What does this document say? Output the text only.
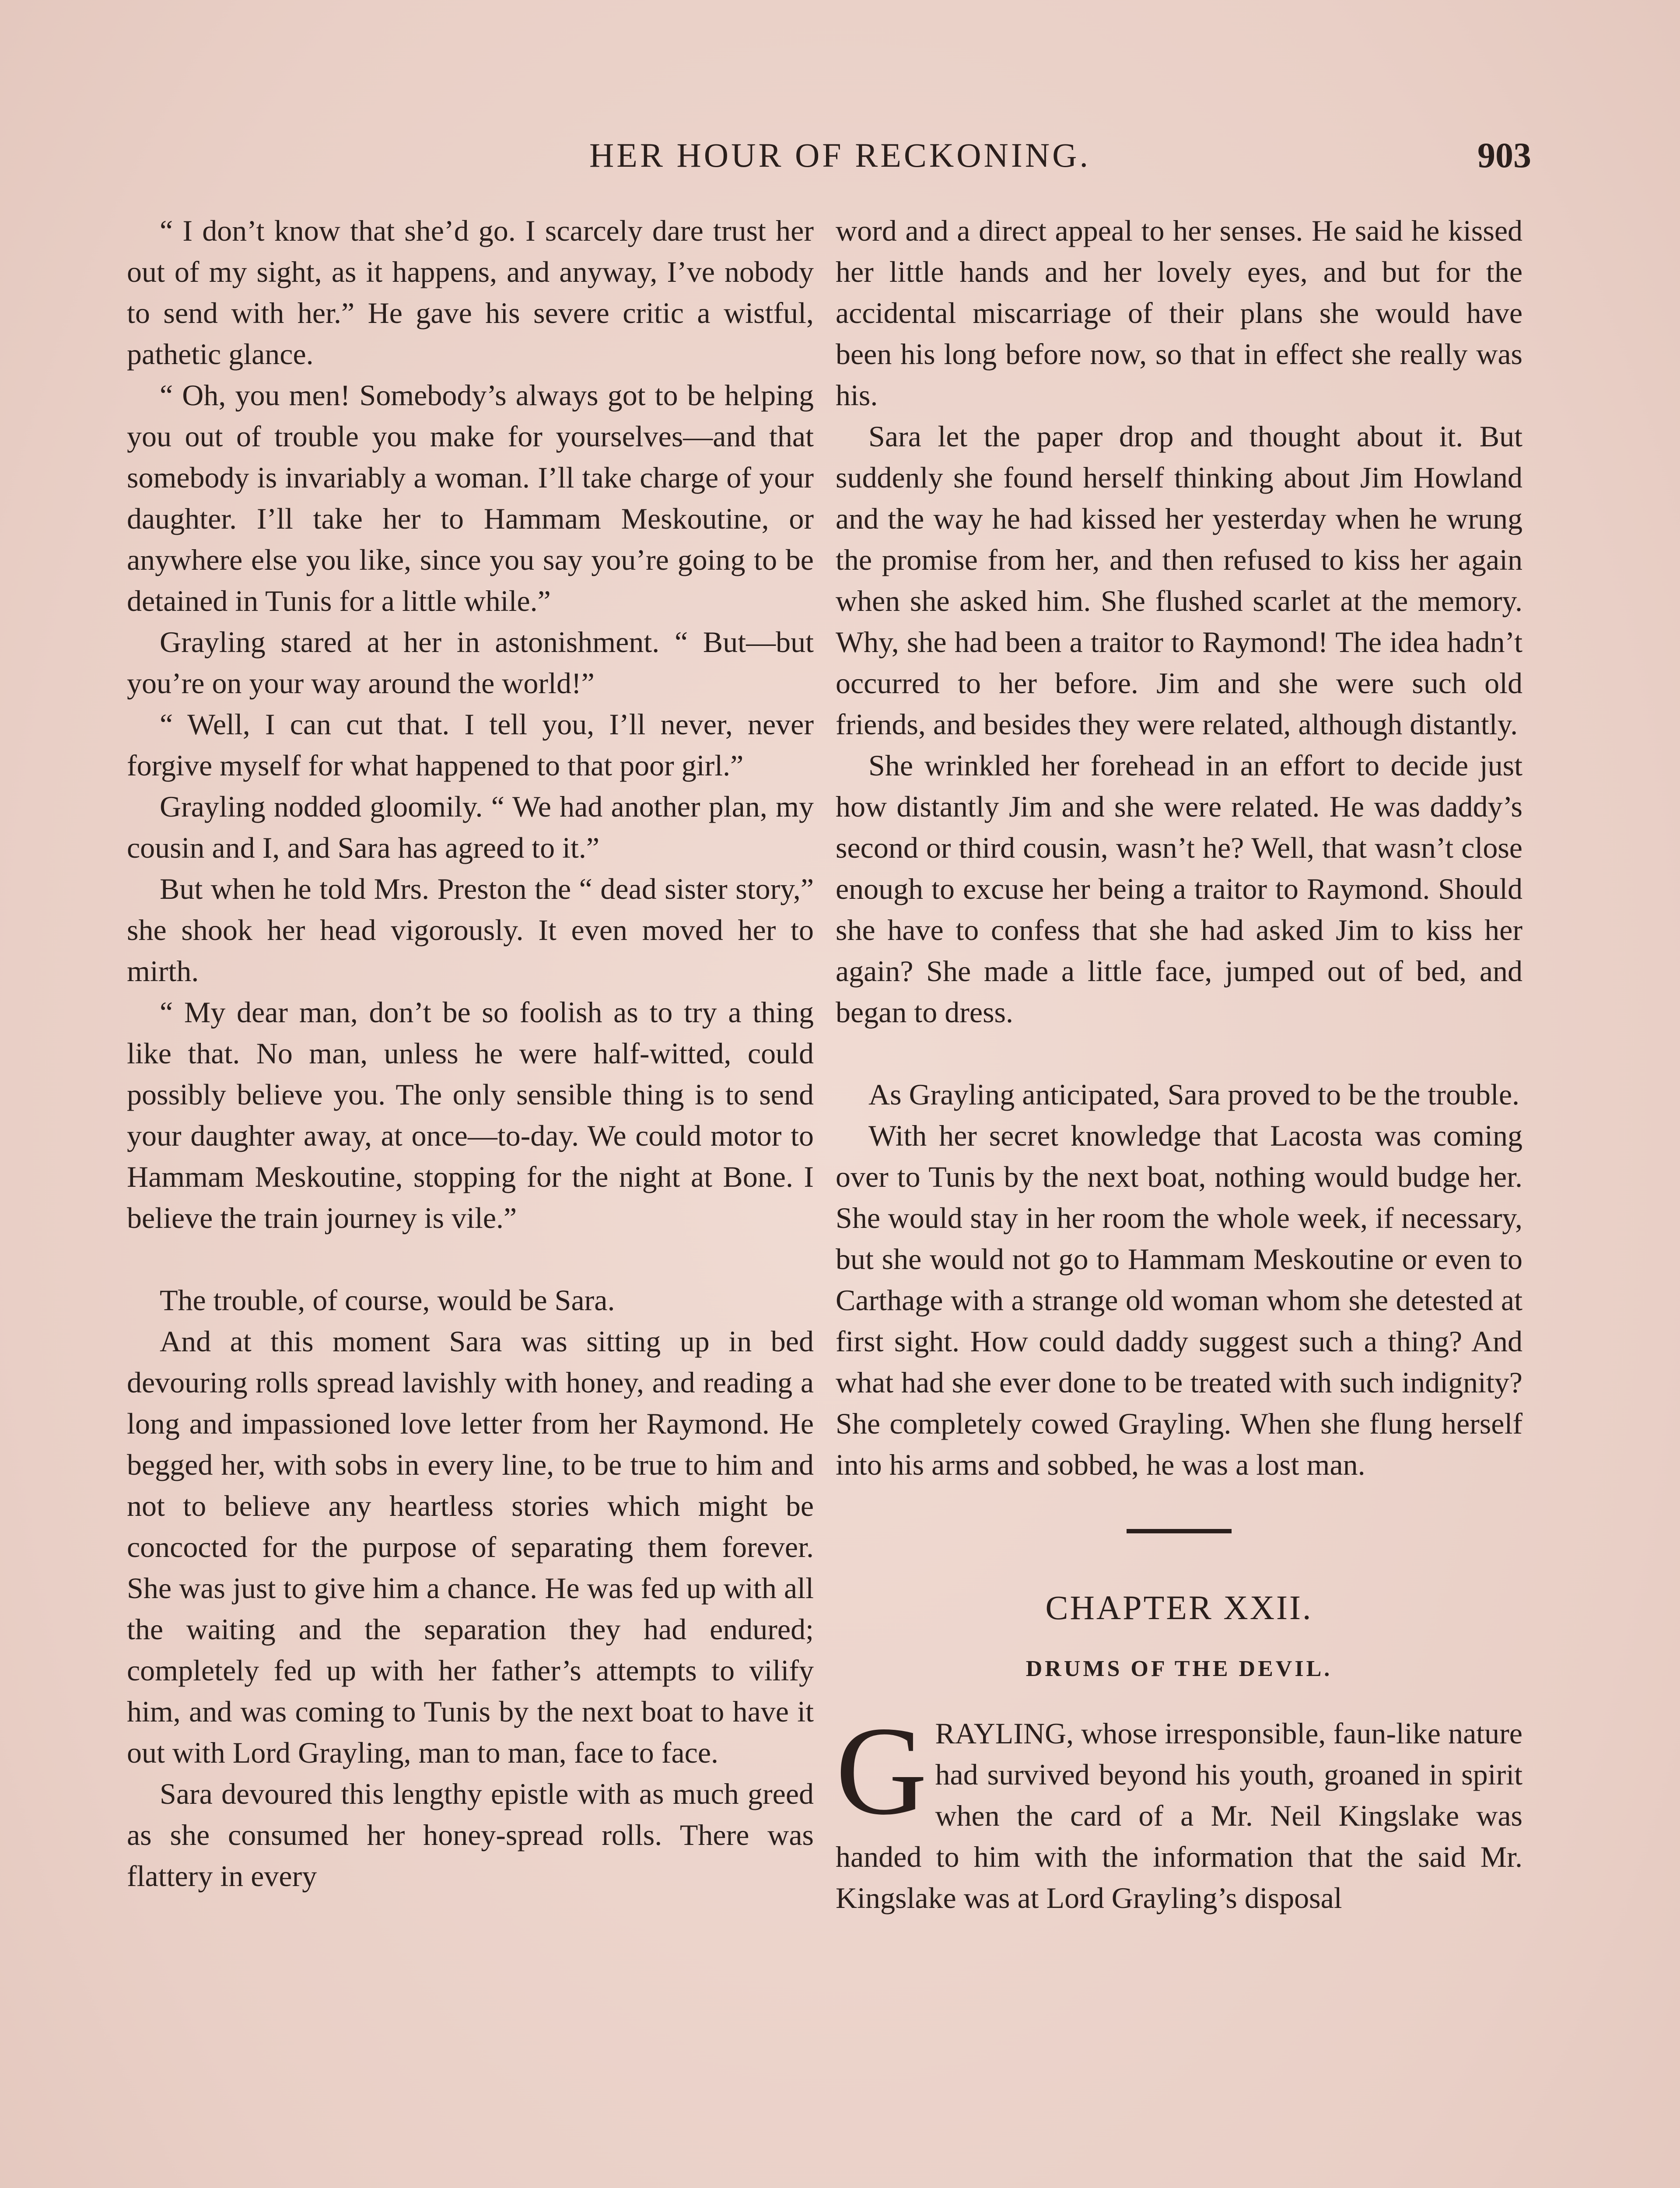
HER HOUR OF RECKONING.	903

“ I don’t know that she’d go. I scarcely dare trust her out of my sight, as it happens, and anyway, I’ve nobody to send with her.” He gave his severe critic a wistful, pathetic glance.

“ Oh, you men! Somebody’s always got to be helping you out of trouble you make for yourselves—and that somebody is invariably a woman. I’ll take charge of your daughter. I’ll take her to Hammam Meskoutine, or anywhere else you like, since you say you’re going to be detained in Tunis for a little while.”

Grayling stared at her in astonishment. “ But—but you’re on your way around the world!”

“ Well, I can cut that. I tell you, I’ll never, never forgive myself for what happened to that poor girl.”

Grayling nodded gloomily. “ We had another plan, my cousin and I, and Sara has agreed to it.”

But when he told Mrs. Preston the “ dead sister story,” she shook her head vigorously. It even moved her to mirth.

“ My dear man, don’t be so foolish as to try a thing like that. No man, unless he were half-witted, could possibly believe you. The only sensible thing is to send your daughter away, at once—to-day. We could motor to Hammam Meskoutine, stopping for the night at Bone. I believe the train journey is vile.”

The trouble, of course, would be Sara.

And at this moment Sara was sitting up in bed devouring rolls spread lavishly with honey, and reading a long and impassioned love letter from her Raymond. He begged her, with sobs in every line, to be true to him and not to believe any heartless stories which might be concocted for the purpose of separating them forever. She was just to give him a chance. He was fed up with all the waiting and the separation they had endured; completely fed up with her father’s attempts to vilify him, and was coming to Tunis by the next boat to have it out with Lord Grayling, man to man, face to face.

Sara devoured this lengthy epistle with as much greed as she consumed her honey-spread rolls. There was flattery in every

word and a direct appeal to her senses. He said he kissed her little hands and her lovely eyes, and but for the accidental miscarriage of their plans she would have been his long before now, so that in effect she really was his.

Sara let the paper drop and thought about it. But suddenly she found herself thinking about Jim Howland and the way he had kissed her yesterday when he wrung the promise from her, and then refused to kiss her again when she asked him. She flushed scarlet at the memory. Why, she had been a traitor to Raymond! The idea hadn’t occurred to her before. Jim and she were such old friends, and besides they were related, although distantly.

She wrinkled her forehead in an effort to decide just how distantly Jim and she were related. He was daddy’s second or third cousin, wasn’t he? Well, that wasn’t close enough to excuse her being a traitor to Raymond. Should she have to confess that she had asked Jim to kiss her again? She made a little face, jumped out of bed, and began to dress.

As Grayling anticipated, Sara proved to be the trouble.

With her secret knowledge that Lacosta was coming over to Tunis by the next boat, nothing would budge her. She would stay in her room the whole week, if necessary, but she would not go to Hammam Meskoutine or even to Carthage with a strange old woman whom she detested at first sight. How could daddy suggest such a thing? And what had she ever done to be treated with such indignity? She completely cowed Grayling. When she flung herself into his arms and sobbed, he was a lost man.

CHAPTER XXII.
DRUMS OF THE DEVIL.

GRAYLING, whose irresponsible, faun-like nature had survived beyond his youth, groaned in spirit when the card of a Mr. Neil Kingslake was handed to him with the information that the said Mr. Kingslake was at Lord Grayling’s disposal
